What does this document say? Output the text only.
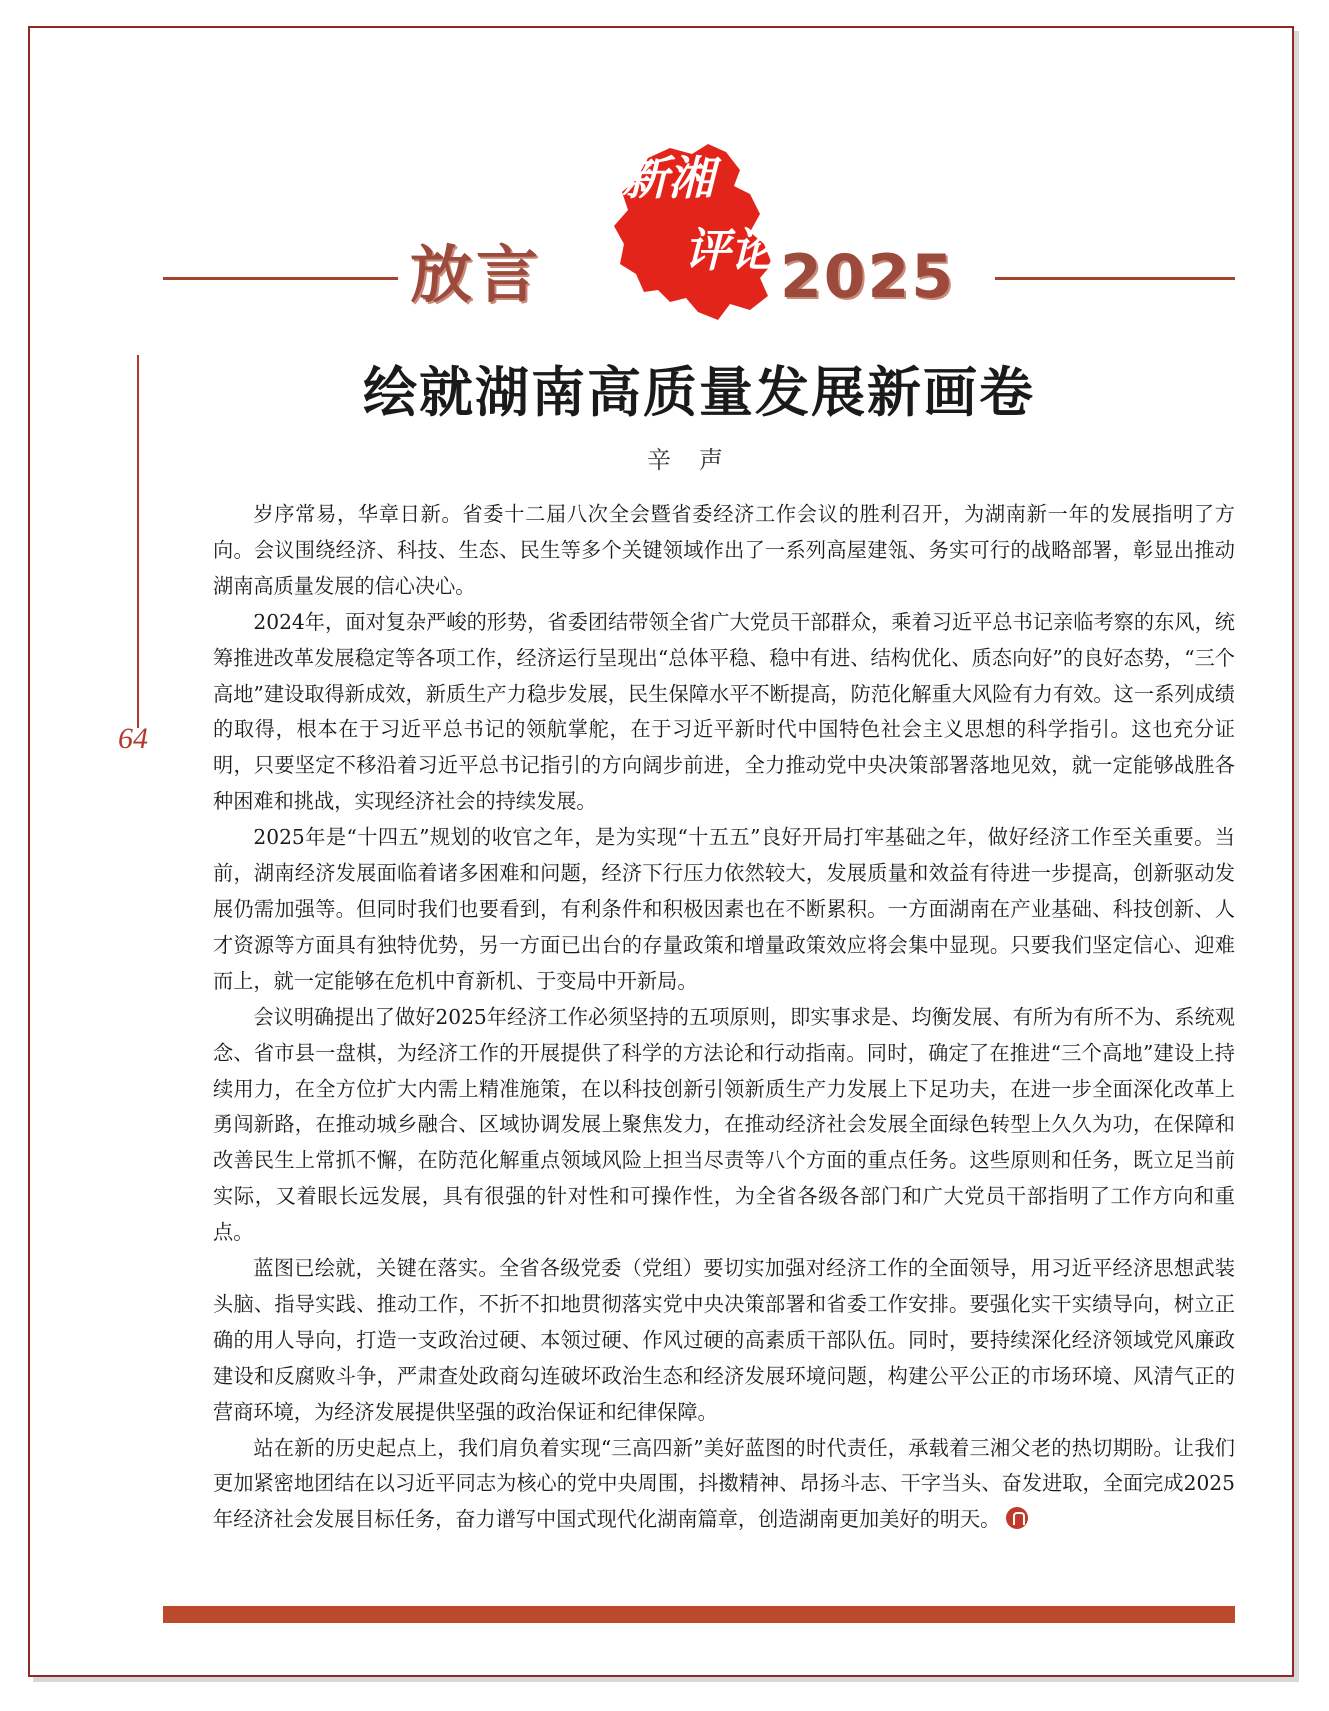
放言
新湘
评论 2025
64
绘就湖南高质量发展新画卷
辛声

岁序常易，华章日新。省委十二届八次全会暨省委经济工作会议的胜利召开，为湖南新一年的发展指明了方向。会议围绕经济、科技、生态、民生等多个关键领域作出了一系列高屋建瓴、务实可行的战略部署，彰显出推动湖南高质量发展的信心决心。

2024年，面对复杂严峻的形势，省委团结带领全省广大党员干部群众，乘着习近平总书记亲临考察的东风，统筹推进改革发展稳定等各项工作，经济运行呈现出“总体平稳、稳中有进、结构优化、质态向好”的良好态势，“三个高地”建设取得新成效，新质生产力稳步发展，民生保障水平不断提高，防范化解重大风险有力有效。这一系列成绩的取得，根本在于习近平总书记的领航掌舵，在于习近平新时代中国特色社会主义思想的科学指引。这也充分证明，只要坚定不移沿着习近平总书记指引的方向阔步前进，全力推动党中央决策部署落地见效，就一定能够战胜各种困难和挑战，实现经济社会的持续发展。

2025年是“十四五”规划的收官之年，是为实现“十五五”良好开局打牢基础之年，做好经济工作至关重要。当前，湖南经济发展面临着诸多困难和问题，经济下行压力依然较大，发展质量和效益有待进一步提高，创新驱动发展仍需加强等。但同时我们也要看到，有利条件和积极因素也在不断累积。一方面湖南在产业基础、科技创新、人才资源等方面具有独特优势，另一方面已出台的存量政策和增量政策效应将会集中显现。只要我们坚定信心、迎难而上，就一定能够在危机中育新机、于变局中开新局。

会议明确提出了做好2025年经济工作必须坚持的五项原则，即实事求是、均衡发展、有所为有所不为、系统观念、省市县一盘棋，为经济工作的开展提供了科学的方法论和行动指南。同时，确定了在推进“三个高地”建设上持续用力，在全方位扩大内需上精准施策，在以科技创新引领新质生产力发展上下足功夫，在进一步全面深化改革上勇闯新路，在推动城乡融合、区域协调发展上聚焦发力，在推动经济社会发展全面绿色转型上久久为功，在保障和改善民生上常抓不懈，在防范化解重点领域风险上担当尽责等八个方面的重点任务。这些原则和任务，既立足当前实际，又着眼长远发展，具有很强的针对性和可操作性，为全省各级各部门和广大党员干部指明了工作方向和重点。

蓝图已绘就，关键在落实。全省各级党委（党组）要切实加强对经济工作的全面领导，用习近平经济思想武装头脑、指导实践、推动工作，不折不扣地贯彻落实党中央决策部署和省委工作安排。要强化实干实绩导向，树立正确的用人导向，打造一支政治过硬、本领过硬、作风过硬的高素质干部队伍。同时，要持续深化经济领域党风廉政建设和反腐败斗争，严肃查处政商勾连破坏政治生态和经济发展环境问题，构建公平公正的市场环境、风清气正的营商环境，为经济发展提供坚强的政治保证和纪律保障。

站在新的历史起点上，我们肩负着实现“三高四新”美好蓝图的时代责任，承载着三湘父老的热切期盼。让我们更加紧密地团结在以习近平同志为核心的党中央周围，抖擞精神、昂扬斗志、干字当头、奋发进取，全面完成2025年经济社会发展目标任务，奋力谱写中国式现代化湖南篇章，创造湖南更加美好的明天。
